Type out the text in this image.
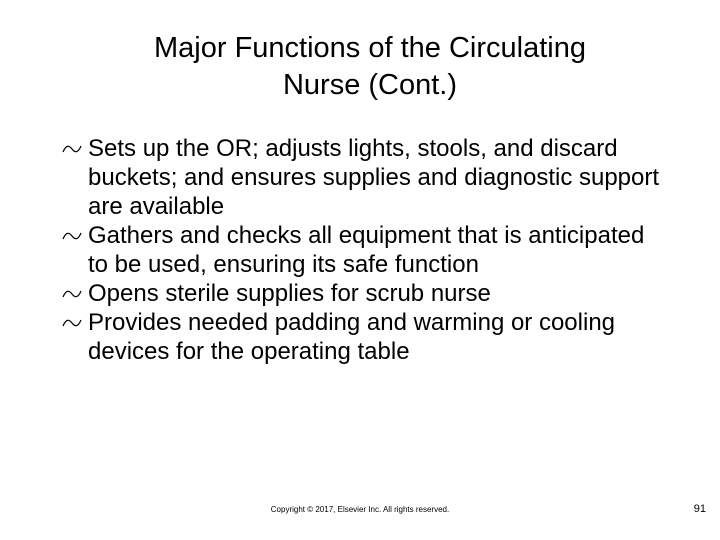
Major Functions of the Circulating
Nurse (Cont.)
Sets up the OR; adjusts lights, stools, and discard buckets; and ensures supplies and diagnostic support are available
Gathers and checks all equipment that is anticipated to be used, ensuring its safe function
Opens sterile supplies for scrub nurse
Provides needed padding and warming or cooling devices for the operating table
Copyright © 2017, Elsevier Inc. All rights reserved.	91
